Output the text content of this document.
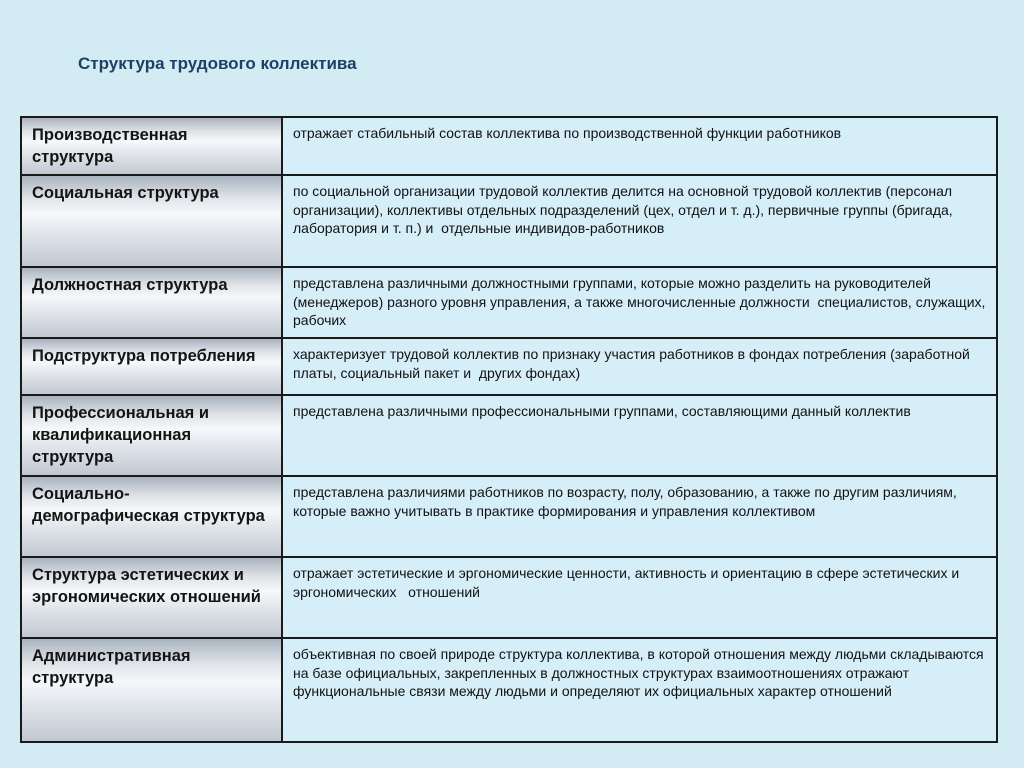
Структура трудового коллектива
Производственная структура	отражает стабильный состав коллектива по производственной функции работников

Социальная структура	по социальной организации трудовой коллектив делится на основной трудовой коллектив (персонал организации), коллективы отдельных подразделений (цех, отдел и т. д.), первичные группы (бригада, лаборатория и т. п.) и  отдельные индивидов-работников

Должностная структура	представлена различными должностными группами, которые можно разделить на руководителей (менеджеров) разного уровня управления, а также многочисленные должности  специалистов, служащих, рабочих

Подструктура потребления	характеризует трудовой коллектив по признаку участия работников в фондах потребления (заработной платы, социальный пакет и  других фондах)

Профессиональная и квалификационная структура	представлена различными профессиональными группами, составляющими данный коллектив

Социально-демографическая структура	представлена различиями работников по возрасту, полу, образованию, а также по другим различиям, которые важно учитывать в практике формирования и управления коллективом

Структура эстетических и эргономических отношений	отражает эстетические и эргономические ценности, активность и ориентацию в сфере эстетических и эргономических   отношений

Административная структура	объективная по своей природе структура коллектива, в которой отношения между людьми складываются на базе официальных, закрепленных в должностных структурах взаимоотношениях отражают функциональные связи между людьми и определяют их официальных характер отношений
